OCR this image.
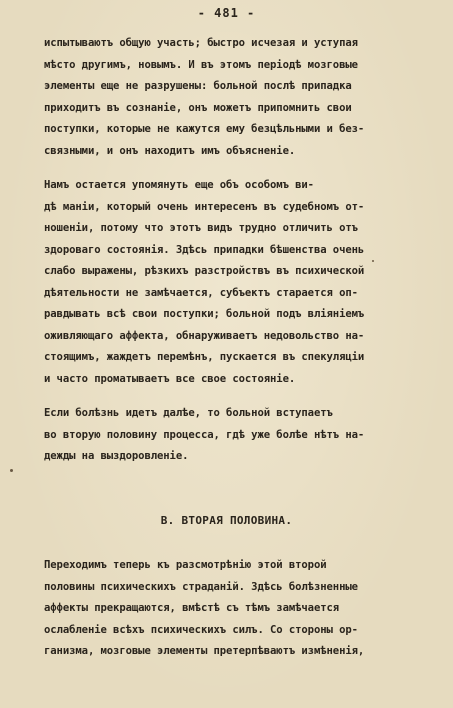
- 481 -
испытываютъ общую участь; быстро исчезая и уступая
мѣсто другимъ, новымъ. И въ этомъ періодѣ мозговые
элементы еще не разрушены: больной послѣ припадка
приходитъ въ сознаніе, онъ можетъ припомнить свои
поступки, которые не кажутся ему безцѣльными и без-
связными, и онъ находитъ имъ объясненіе.
Намъ остается упомянуть еще объ особомъ ви-
дѣ маніи, который очень интересенъ въ судебномъ от-
ношеніи, потому что этотъ видъ трудно отличить отъ
здороваго состоянія. Здѣсь припадки бѣшенства очень
слабо выражены, рѣзкихъ разстройствъ въ психической
дѣятельности не замѣчается, субъектъ старается оп-
равдывать всѣ свои поступки; больной подъ вліяніемъ
оживляющаго аффекта, обнаруживаетъ недовольство на-
стоящимъ, жаждетъ перемѣнъ, пускается въ спекуляціи
и часто проматываетъ все свое состояніе.
Если болѣзнь идетъ далѣе, то больной вступаетъ
во вторую половину процесса, гдѣ уже болѣе нѣтъ на-
дежды на выздоровленіе.
В. ВТОРАЯ ПОЛОВИНА.
Переходимъ теперь къ разсмотрѣнію этой второй
половины психическихъ страданій. Здѣсь болѣзненные
аффекты прекращаются, вмѣстѣ съ тѣмъ замѣчается
ослабленіе всѣхъ психическихъ силъ. Со стороны ор-
ганизма, мозговые элементы претерпѣваютъ измѣненія,
